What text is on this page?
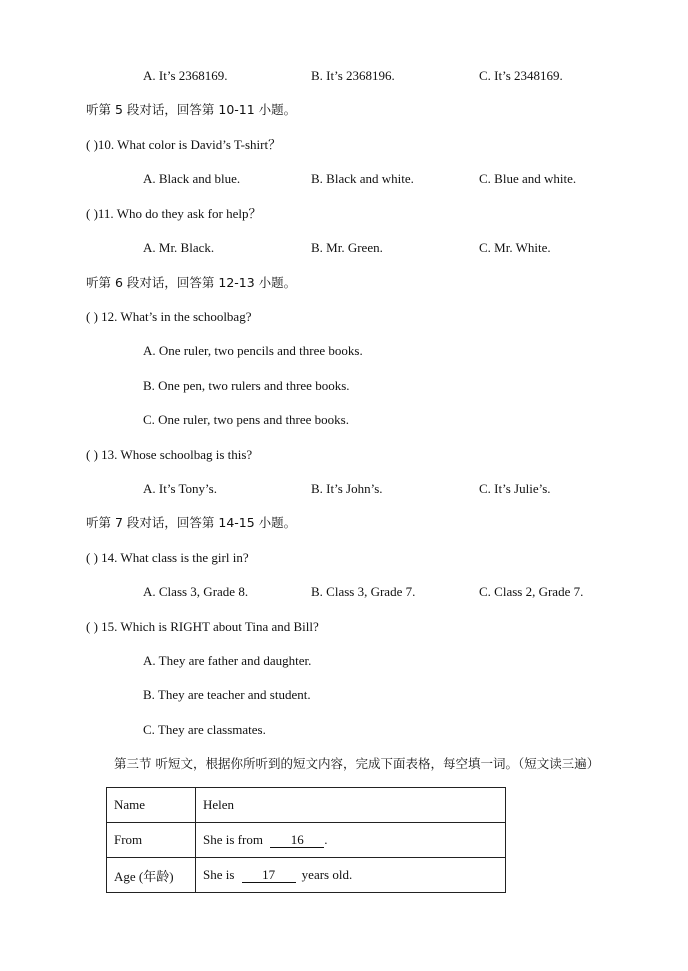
A. It’s 2368169.	B. It’s 2368196.	C. It’s 2348169.
听第 5 段对话，回答第 10-11 小题。
( )10. What color is David’s T-shirt？
A. Black and blue.	B. Black and white.	C. Blue and white.
( )11. Who do they ask for help？
A. Mr. Black.	B. Mr. Green.	C. Mr. White.
听第 6 段对话，回答第 12-13 小题。
( ) 12. What’s in the schoolbag?
A. One ruler, two pencils and three books.
B. One pen, two rulers and three books.
C. One ruler, two pens and three books.
( ) 13. Whose schoolbag is this?
A. It’s Tony’s.	B. It’s John’s.	C. It’s Julie’s.
听第 7 段对话，回答第 14-15 小题。
( ) 14. What class is the girl in?
A. Class 3, Grade 8.	B. Class 3, Grade 7.	C. Class 2, Grade 7.
( ) 15. Which is RIGHT about Tina and Bill?
A. They are father and daughter.
B. They are teacher and student.
C. They are classmates.
第三节 听短文，根据你所听到的短文内容，完成下面表格，每空填一词。（短文读三遍）
Name	Helen
From	She is from 16 .
Age (年龄)	She is 17 years old.
